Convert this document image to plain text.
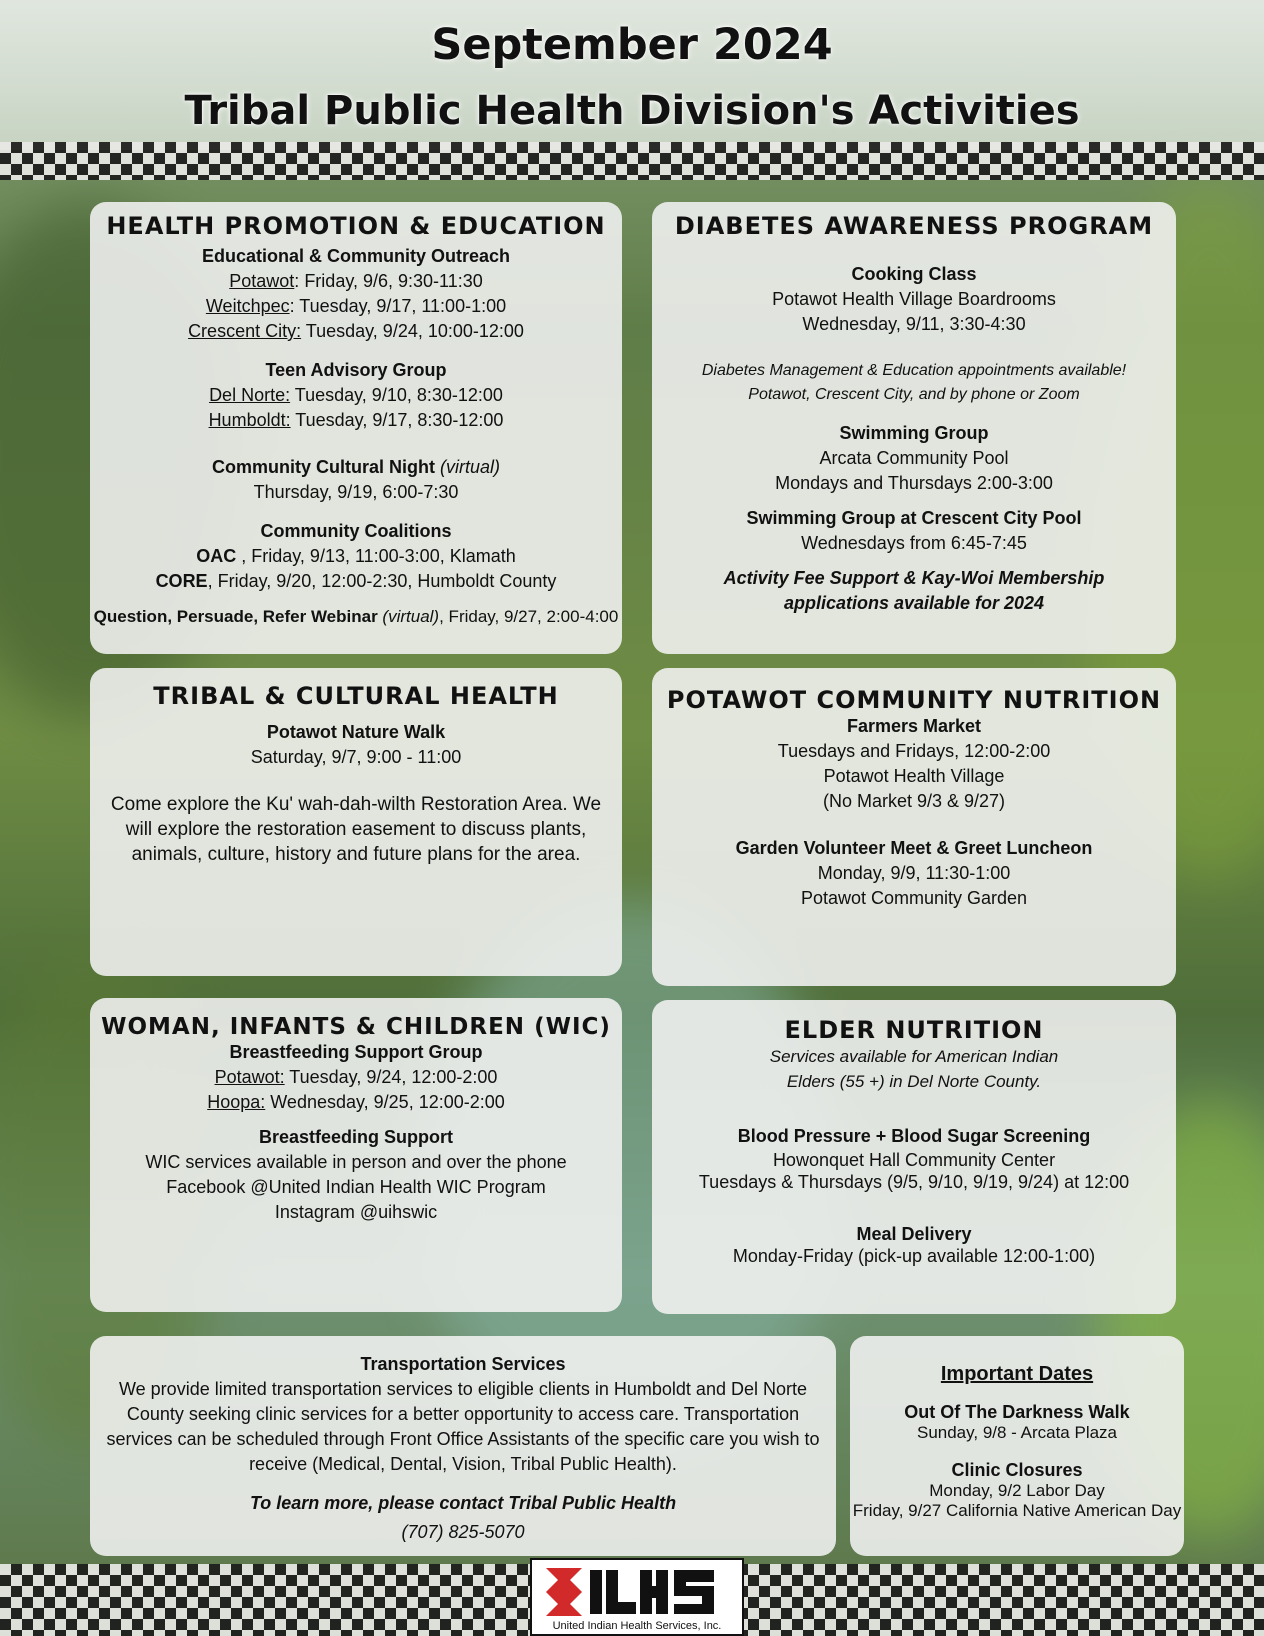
September 2024
Tribal Public Health Division's Activities

HEALTH PROMOTION & EDUCATION

Educational & Community Outreach

Potawot: Friday, 9/6, 9:30-11:30

Weitchpec: Tuesday, 9/17, 11:00-1:00

Crescent City: Tuesday, 9/24, 10:00-12:00

Teen Advisory Group

Del Norte: Tuesday, 9/10, 8:30-12:00

Humboldt: Tuesday, 9/17, 8:30-12:00

Community Cultural Night (virtual)

Thursday, 9/19, 6:00-7:30

Community Coalitions

OAC , Friday, 9/13, 11:00-3:00, Klamath

CORE, Friday, 9/20, 12:00-2:30, Humboldt County

Question, Persuade, Refer Webinar (virtual), Friday, 9/27, 2:00-4:00

DIABETES AWARENESS PROGRAM

Cooking Class

Potawot Health Village Boardrooms

Wednesday, 9/11, 3:30-4:30

Diabetes Management & Education appointments available!

Potawot, Crescent City, and by phone or Zoom

Swimming Group

Arcata Community Pool

Mondays and Thursdays 2:00-3:00

Swimming Group at Crescent City Pool

Wednesdays from 6:45-7:45

Activity Fee Support & Kay-Woi Membership

applications available for 2024

TRIBAL & CULTURAL HEALTH

Potawot Nature Walk

Saturday, 9/7, 9:00 - 11:00

Come explore the Ku' wah-dah-wilth Restoration Area. We

will explore the restoration easement to discuss plants,

animals, culture, history and future plans for the area.

POTAWOT COMMUNITY NUTRITION

Farmers Market

Tuesdays and Fridays, 12:00-2:00

Potawot Health Village

(No Market 9/3 & 9/27)

Garden Volunteer Meet & Greet Luncheon

Monday, 9/9, 11:30-1:00

Potawot Community Garden

WOMAN, INFANTS & CHILDREN (WIC)

Breastfeeding Support Group

Potawot: Tuesday, 9/24, 12:00-2:00

Hoopa: Wednesday, 9/25, 12:00-2:00

Breastfeeding Support

WIC services available in person and over the phone

Facebook @United Indian Health WIC Program

Instagram @uihswic

ELDER NUTRITION

Services available for American Indian

Elders (55 +) in Del Norte County.

Blood Pressure + Blood Sugar Screening

Howonquet Hall Community Center

Tuesdays & Thursdays (9/5, 9/10, 9/19, 9/24) at 12:00

Meal Delivery

Monday-Friday (pick-up available 12:00-1:00)

Transportation Services

We provide limited transportation services to eligible clients in Humboldt and Del Norte

County seeking clinic services for a better opportunity to access care. Transportation

services can be scheduled through Front Office Assistants of the specific care you wish to

receive (Medical, Dental, Vision, Tribal Public Health).

To learn more, please contact Tribal Public Health

(707) 825-5070

Important Dates

Out Of The Darkness Walk

Sunday, 9/8 - Arcata Plaza

Clinic Closures

Monday, 9/2 Labor Day

Friday, 9/27 California Native American Day

United Indian Health Services, Inc.
